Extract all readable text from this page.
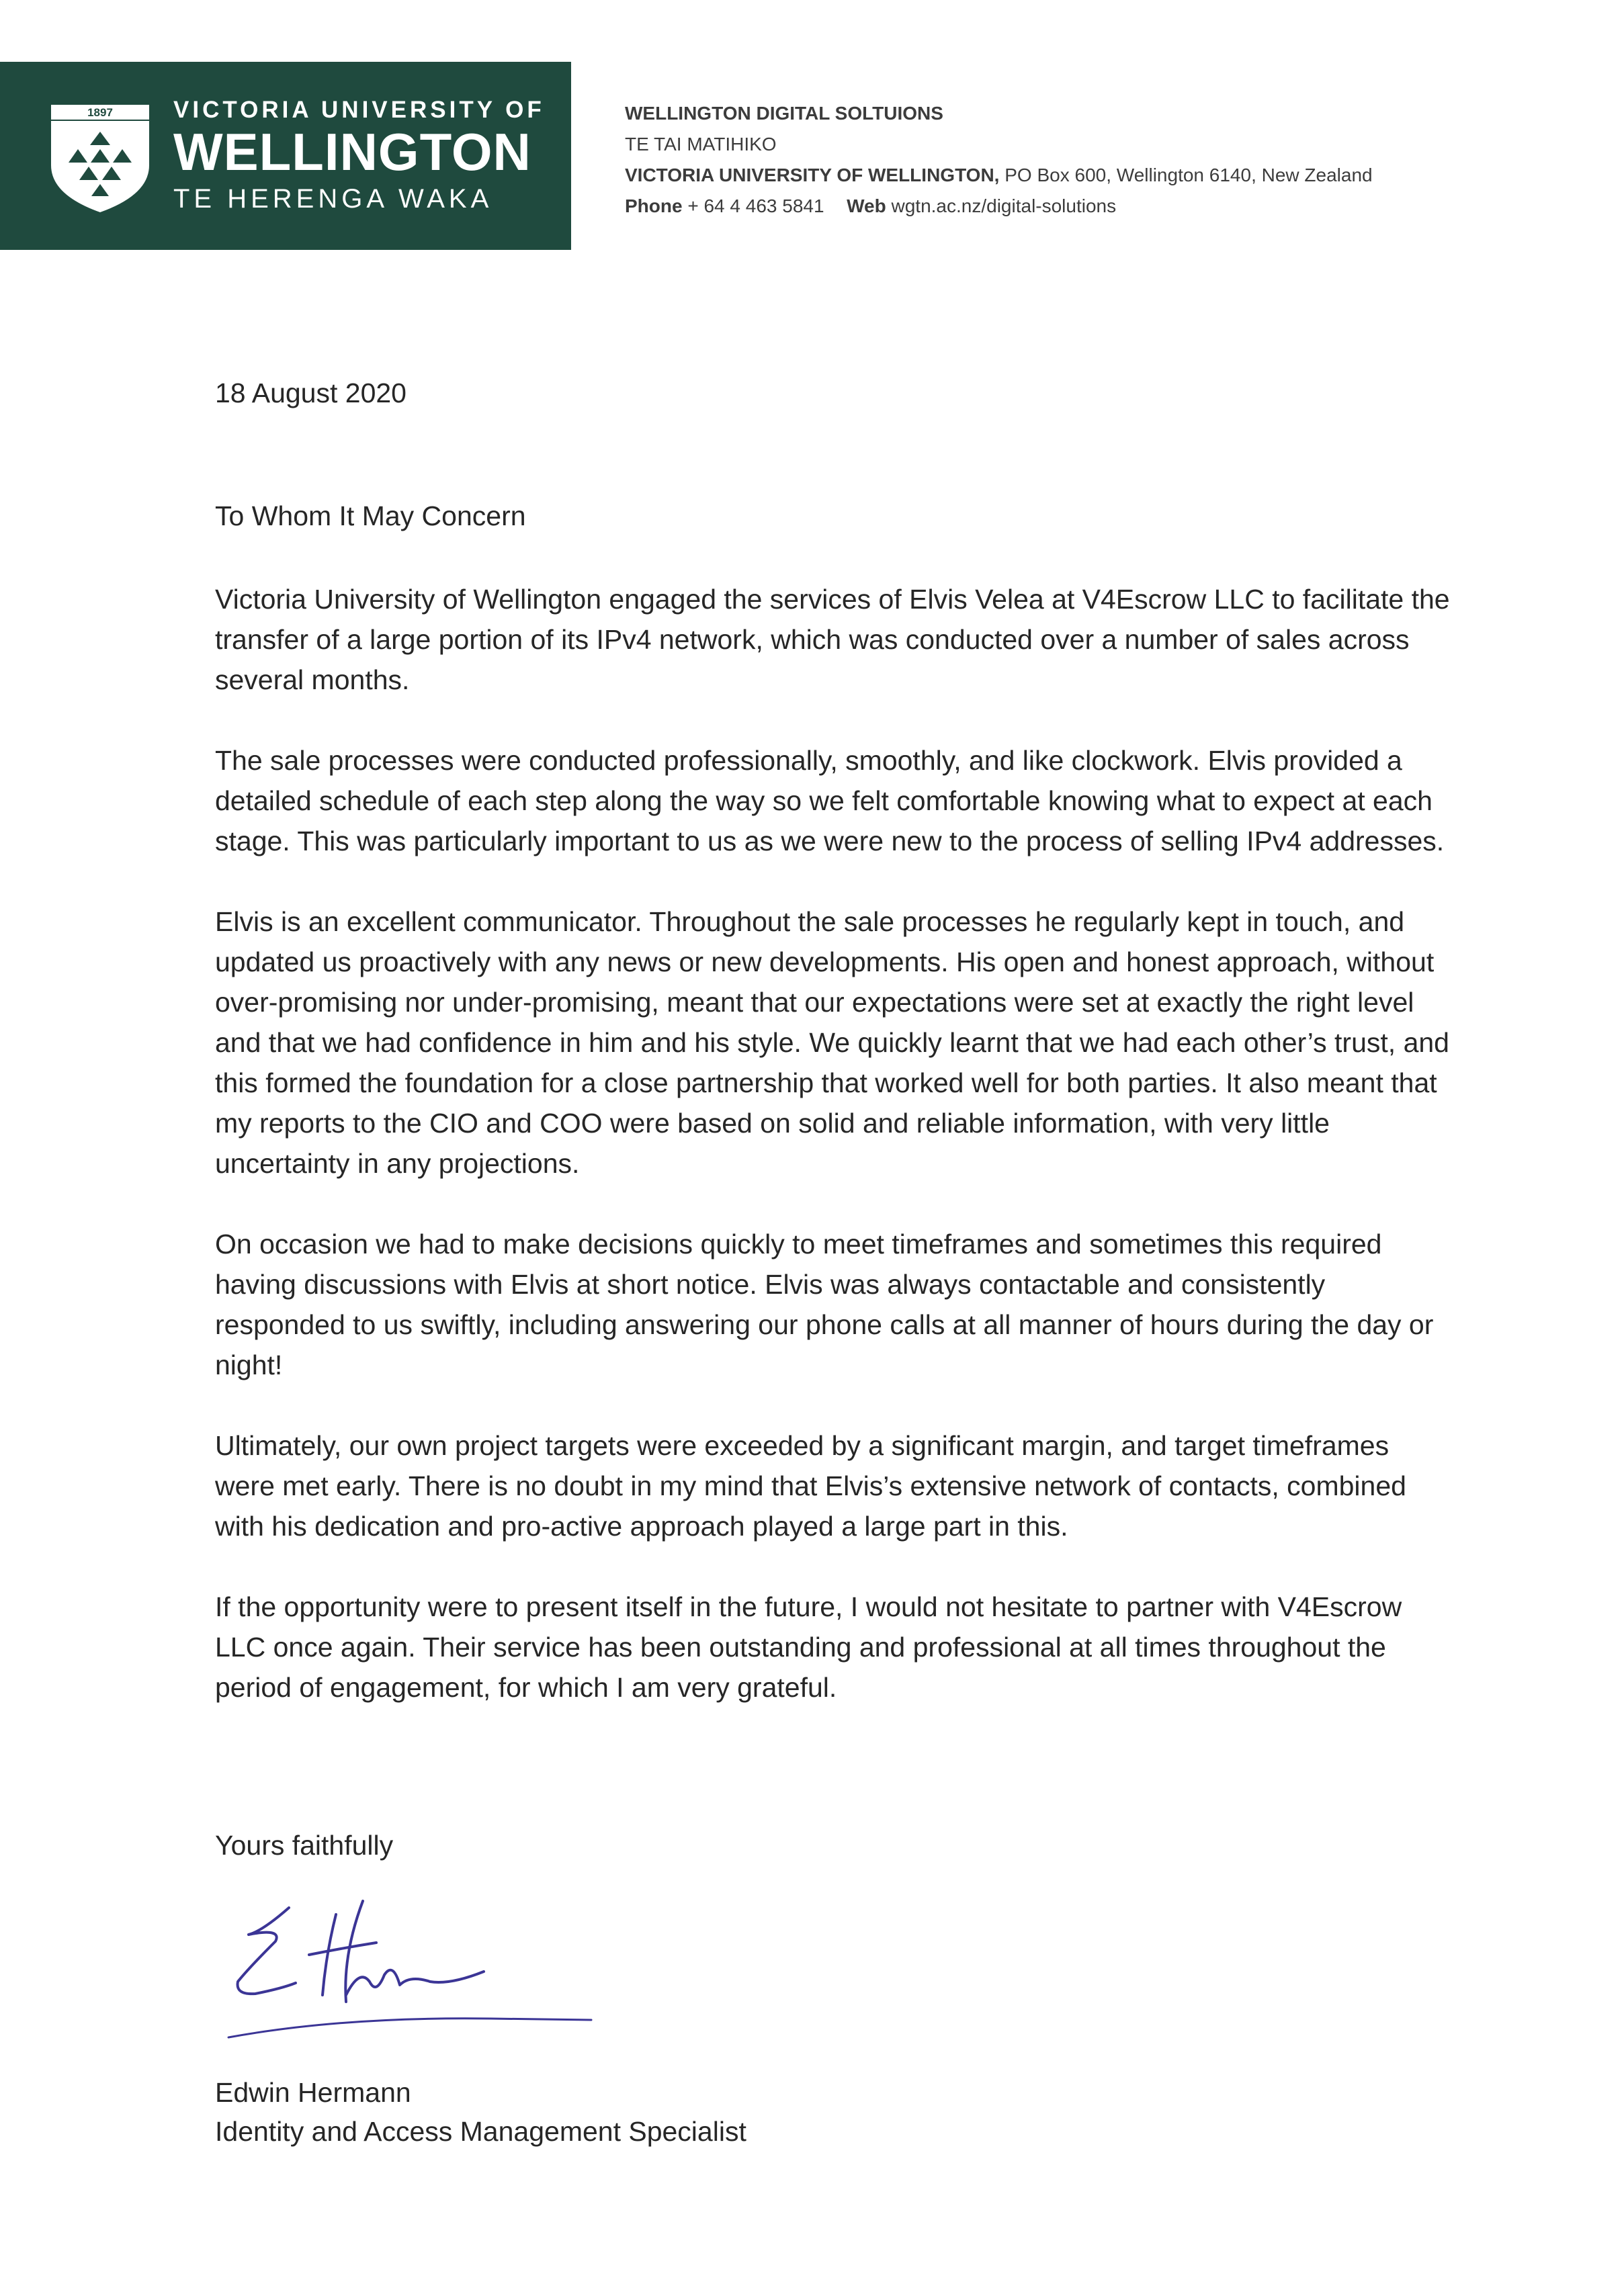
1897	VICTORIA UNIVERSITY OF
WELLINGTON
TE HERENGA WAKA
WELLINGTON DIGITAL SOLTUIONS
TE TAI MATIHIKO
VICTORIA UNIVERSITY OF WELLINGTON, PO Box 600, Wellington 6140, New Zealand
Phone + 64 4 463 5841 Web wgtn.ac.nz/digital-solutions
18 August 2020
To Whom It May Concern

Victoria University of Wellington engaged the services of Elvis Velea at V4Escrow LLC to facilitate the transfer of a large portion of its IPv4 network, which was conducted over a number of sales across several months.

The sale processes were conducted professionally, smoothly, and like clockwork. Elvis provided a detailed schedule of each step along the way so we felt comfortable knowing what to expect at each stage. This was particularly important to us as we were new to the process of selling IPv4 addresses.

Elvis is an excellent communicator. Throughout the sale processes he regularly kept in touch, and updated us proactively with any news or new developments. His open and honest approach, without over-promising nor under-promising, meant that our expectations were set at exactly the right level and that we had confidence in him and his style. We quickly learnt that we had each other’s trust, and this formed the foundation for a close partnership that worked well for both parties. It also meant that my reports to the CIO and COO were based on solid and reliable information, with very little uncertainty in any projections.

On occasion we had to make decisions quickly to meet timeframes and sometimes this required having discussions with Elvis at short notice. Elvis was always contactable and consistently responded to us swiftly, including answering our phone calls at all manner of hours during the day or night!

Ultimately, our own project targets were exceeded by a significant margin, and target timeframes were met early. There is no doubt in my mind that Elvis’s extensive network of contacts, combined with his dedication and pro-active approach played a large part in this.

If the opportunity were to present itself in the future, I would not hesitate to partner with V4Escrow LLC once again. Their service has been outstanding and professional at all times throughout the period of engagement, for which I am very grateful.

Yours faithfully
Edwin Hermann
Identity and Access Management Specialist
